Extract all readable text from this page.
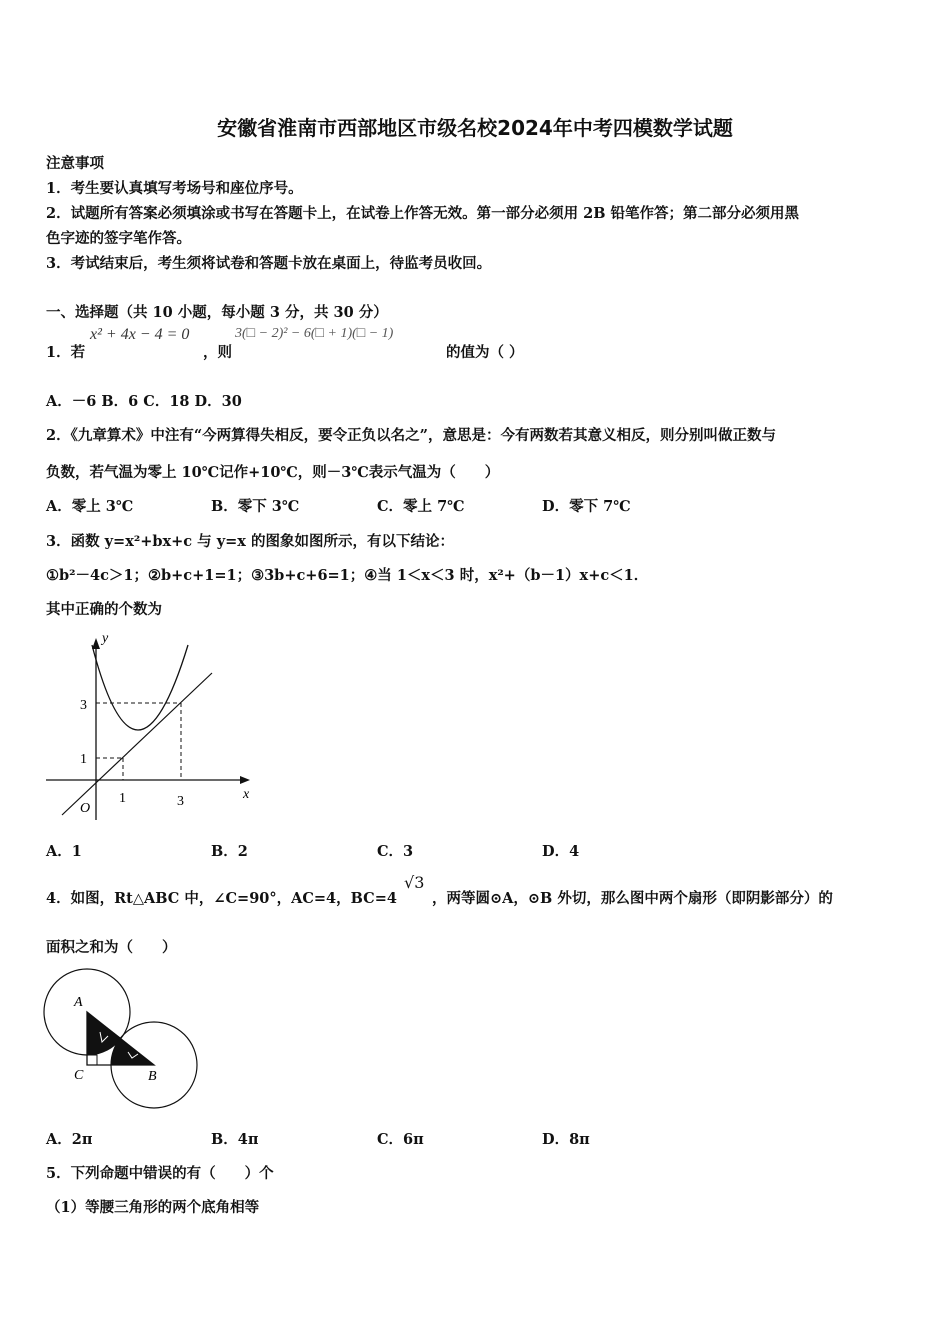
安徽省淮南市西部地区市级名校2024年中考四模数学试题
注意事项
1．考生要认真填写考场号和座位序号。
2．试题所有答案必须填涂或书写在答题卡上，在试卷上作答无效。第一部分必须用 2B 铅笔作答；第二部分必须用黑
色字迹的签字笔作答。
3．考试结束后，考生须将试卷和答题卡放在桌面上，待监考员收回。
一、选择题（共 10 小题，每小题 3 分，共 30 分）
1．若
x² + 4x − 4 = 0
，则
3(□ − 2)² − 6(□ + 1)(□ − 1)
的值为（ ）
A．－6 B．6 C．18 D．30
2．《九章算术》中注有“今两算得失相反，要令正负以名之”，意思是：今有两数若其意义相反，则分别叫做正数与
负数，若气温为零上 10℃记作+10℃，则－3℃表示气温为（　　）
A．零上 3℃	B．零下 3℃	C．零上 7℃	D．零下 7℃
3．函数 y=x²+bx+c 与 y=x 的图象如图所示，有以下结论：
①b²－4c＞1；②b+c+1=1；③3b+c+6=1；④当 1＜x＜3 时，x²+（b－1）x+c＜1．
其中正确的个数为
y
x
O
3
1
1	3
A．1	B．2	C．3	D．4
4．如图，Rt△ABC 中，∠C=90°，AC=4，BC=4
√3
，两等圆⊙A，⊙B 外切，那么图中两个扇形（即阴影部分）的
面积之和为（　　）
A
C	B
A．2π	B．4π	C．6π	D．8π
5．下列命题中错误的有（　　）个
（1）等腰三角形的两个底角相等
